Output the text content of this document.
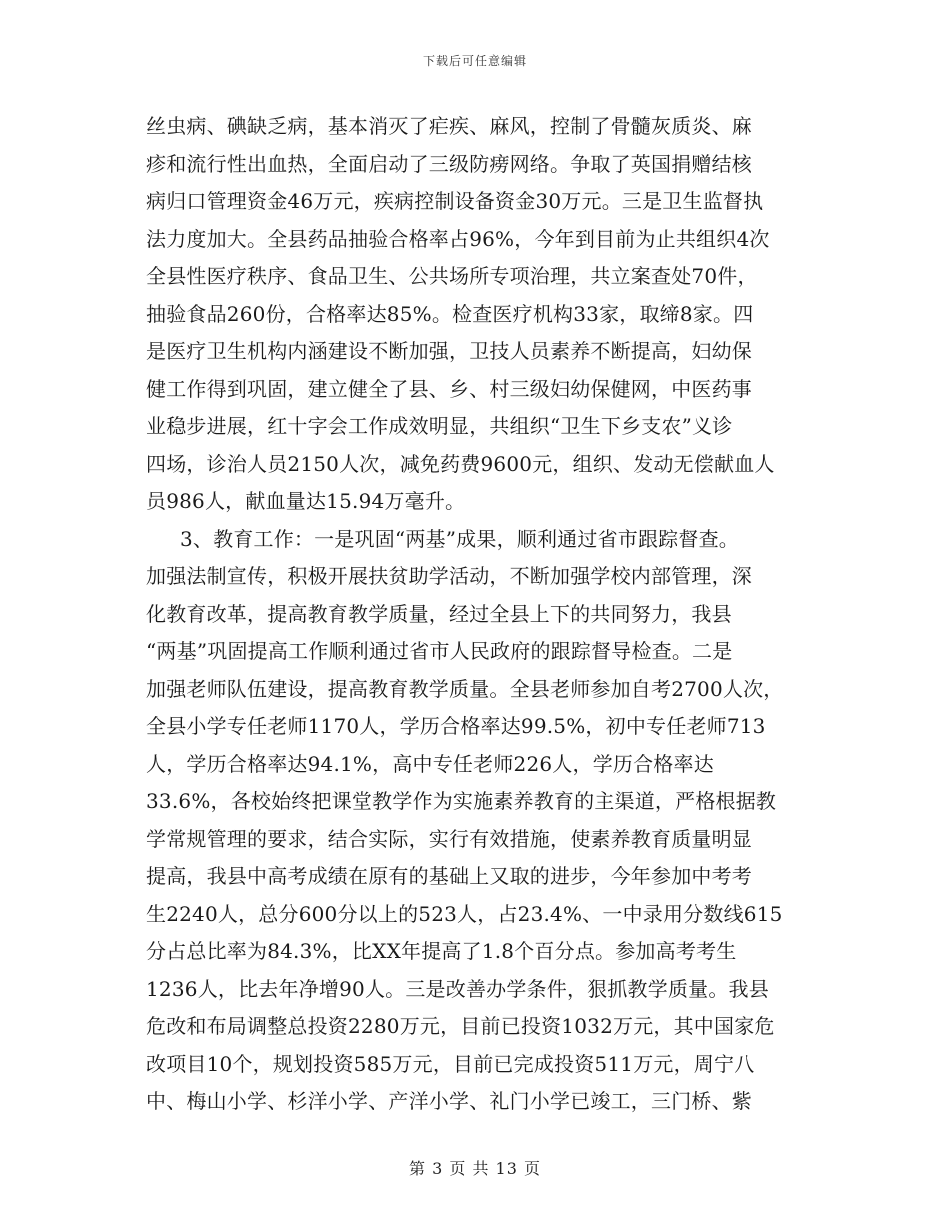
下载后可任意编辑
丝虫病、碘缺乏病，基本消灭了疟疾、麻风，控制了骨髓灰质炎、麻
疹和流行性出血热，全面启动了三级防痨网络。争取了英国捐赠结核
病归口管理资金46万元，疾病控制设备资金30万元。三是卫生监督执
法力度加大。全县药品抽验合格率占96%，今年到目前为止共组织4次
全县性医疗秩序、食品卫生、公共场所专项治理，共立案查处70件，
抽验食品260份，合格率达85%。检查医疗机构33家，取缔8家。四
是医疗卫生机构内涵建设不断加强，卫技人员素养不断提高，妇幼保
健工作得到巩固，建立健全了县、乡、村三级妇幼保健网，中医药事
业稳步进展，红十字会工作成效明显，共组织“卫生下乡支农”义诊
四场，诊治人员2150人次，减免药费9600元，组织、发动无偿献血人
员986人，献血量达15.94万毫升。
3、教育工作：一是巩固“两基”成果，顺利通过省市跟踪督查。
加强法制宣传，积极开展扶贫助学活动，不断加强学校内部管理，深
化教育改革，提高教育教学质量，经过全县上下的共同努力，我县
“两基”巩固提高工作顺利通过省市人民政府的跟踪督导检查。二是
加强老师队伍建设，提高教育教学质量。全县老师参加自考2700人次，
全县小学专任老师1170人，学历合格率达99.5%，初中专任老师713
人，学历合格率达94.1%，高中专任老师226人，学历合格率达
33.6%，各校始终把课堂教学作为实施素养教育的主渠道，严格根据教
学常规管理的要求，结合实际，实行有效措施，使素养教育质量明显
提高，我县中高考成绩在原有的基础上又取的进步，今年参加中考考
生2240人，总分600分以上的523人，占23.4%、一中录用分数线615
分占总比率为84.3%，比XX年提高了1.8个百分点。参加高考考生
1236人，比去年净增90人。三是改善办学条件，狠抓教学质量。我县
危改和布局调整总投资2280万元，目前已投资1032万元，其中国家危
改项目10个，规划投资585万元，目前已完成投资511万元，周宁八
中、梅山小学、杉洋小学、产洋小学、礼门小学已竣工，三门桥、紫
第 3 页 共 13 页
